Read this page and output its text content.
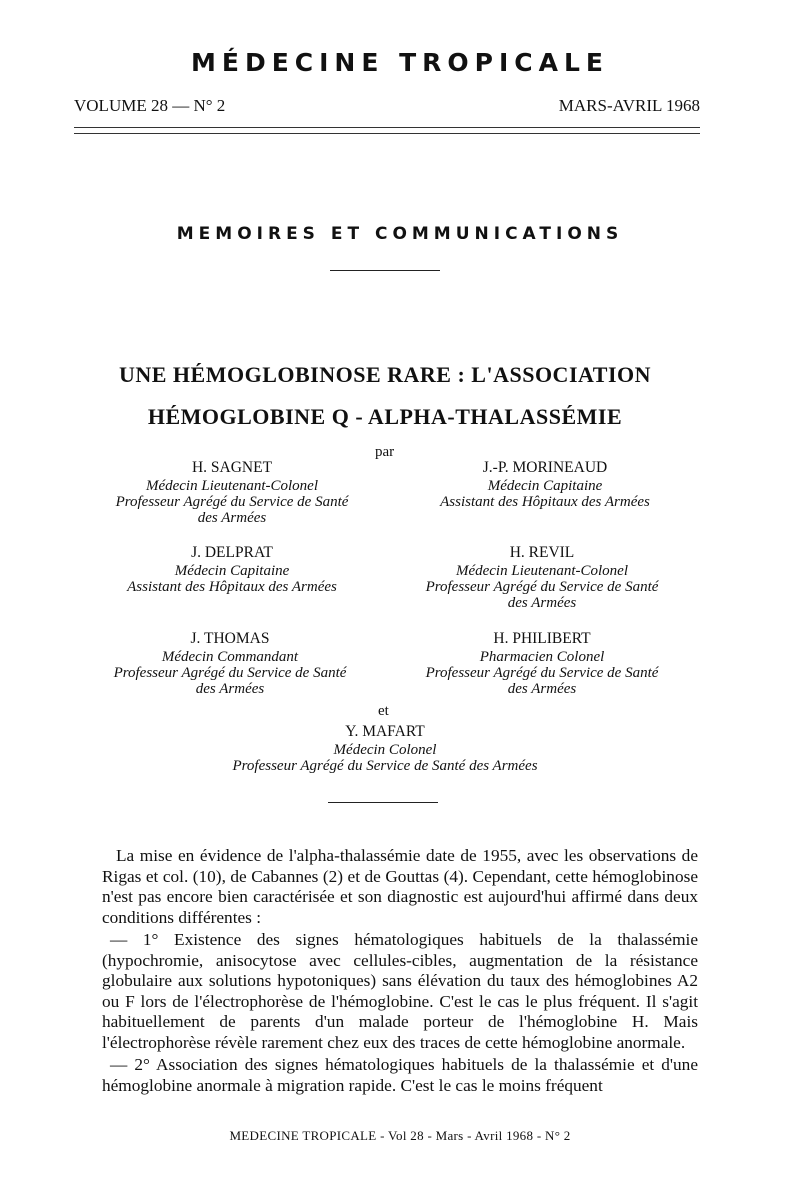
MÉDECINE TROPICALE
VOLUME 28 — N° 2	MARS-AVRIL 1968
MEMOIRES ET COMMUNICATIONS
UNE HÉMOGLOBINOSE RARE : L'ASSOCIATION
HÉMOGLOBINE Q - ALPHA-THALASSÉMIE
par
H. SAGNET
Médecin Lieutenant-Colonel
Professeur Agrégé du Service de Santé
des Armées
J.-P. MORINEAUD
Médecin Capitaine
Assistant des Hôpitaux des Armées
J. DELPRAT
Médecin Capitaine
Assistant des Hôpitaux des Armées
H. REVIL
Médecin Lieutenant-Colonel
Professeur Agrégé du Service de Santé
des Armées
J. THOMAS
Médecin Commandant
Professeur Agrégé du Service de Santé
des Armées
H. PHILIBERT
Pharmacien Colonel
Professeur Agrégé du Service de Santé
des Armées
et
Y. MAFART
Médecin Colonel
Professeur Agrégé du Service de Santé des Armées

La mise en évidence de l'alpha-thalassémie date de 1955, avec les observations de Rigas et col. (10), de Cabannes (2) et de Gouttas (4). Cependant, cette hémoglobinose n'est pas encore bien caractérisée et son diagnostic est aujourd'hui affirmé dans deux conditions différentes :

— 1° Existence des signes hématologiques habituels de la thalassémie (hypochromie, anisocytose avec cellules-cibles, augmentation de la résistance globulaire aux solutions hypotoniques) sans élévation du taux des hémoglobines A2 ou F lors de l'électrophorèse de l'hémoglobine. C'est le cas le plus fréquent. Il s'agit habituellement de parents d'un malade porteur de l'hémoglobine H. Mais l'électrophorèse révèle rarement chez eux des traces de cette hémoglobine anormale.

— 2° Association des signes hématologiques habituels de la thalassémie et d'une hémoglobine anormale à migration rapide. C'est le cas le moins fréquent

MEDECINE TROPICALE - Vol 28 - Mars - Avril 1968 - N° 2
